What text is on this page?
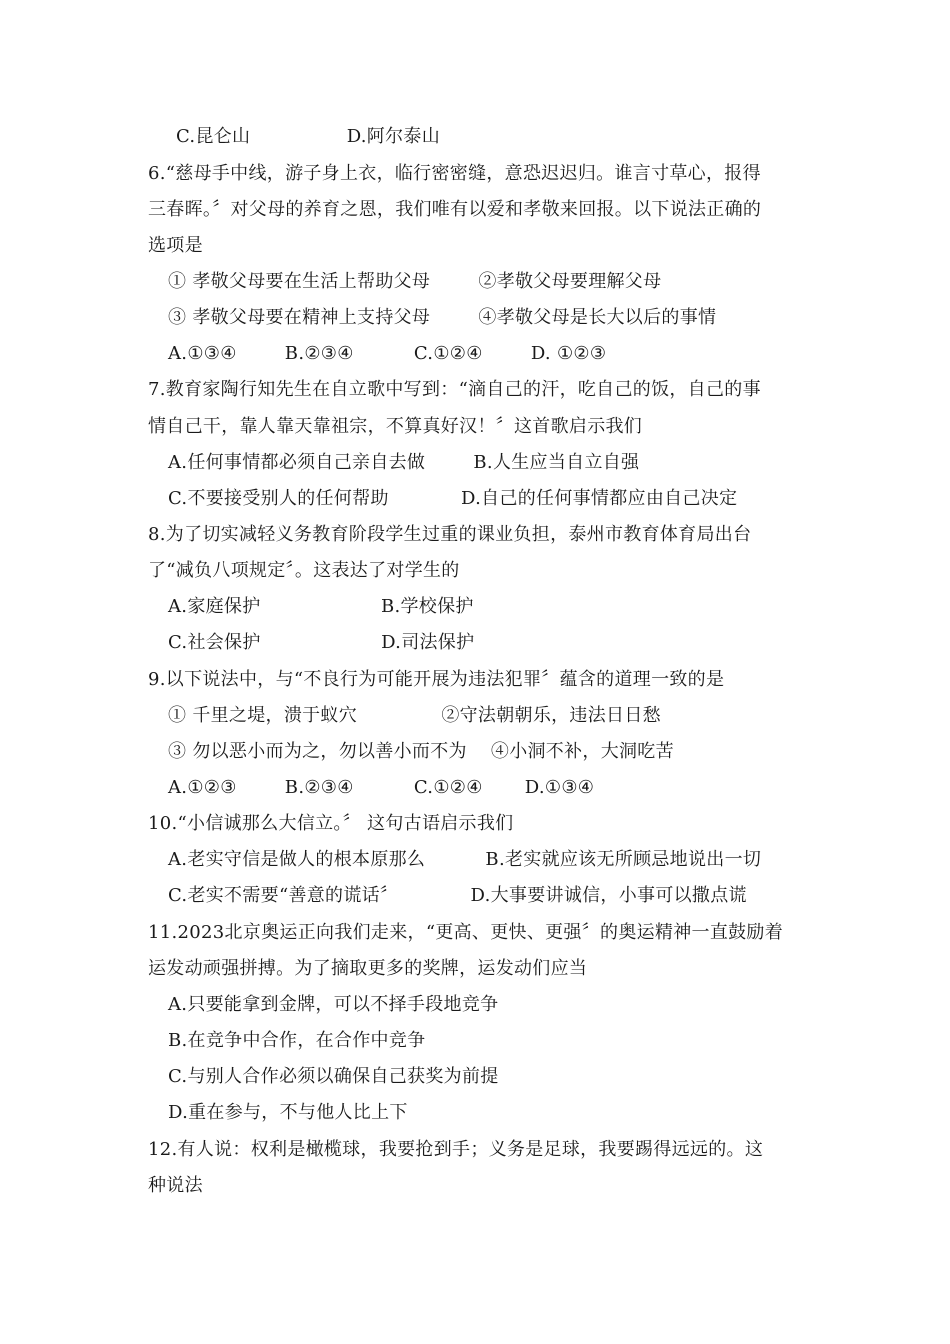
C.昆仑山                D.阿尔泰山
6.“慈母手中线，游子身上衣，临行密密缝，意恐迟迟归。谁言寸草心，报得
三春晖。〞对父母的养育之恩，我们唯有以爱和孝敬来回报。以下说法正确的
选项是
① 孝敬父母要在生活上帮助父母        ②孝敬父母要理解父母
③ 孝敬父母要在精神上支持父母        ④孝敬父母是长大以后的事情
A.①③④        B.②③④          C.①②④        D. ①②③
7.教育家陶行知先生在自立歌中写到：“滴自己的汗，吃自己的饭，自己的事
情自己干，靠人靠天靠祖宗，不算真好汉！〞这首歌启示我们
A.任何事情都必须自己亲自去做        B.人生应当自立自强
C.不要接受别人的任何帮助            D.自己的任何事情都应由自己决定
8.为了切实减轻义务教育阶段学生过重的课业负担，泰州市教育体育局出台
了“减负八项规定〞。这表达了对学生的
A.家庭保护                    B.学校保护
C.社会保护                    D.司法保护
9.以下说法中，与“不良行为可能开展为违法犯罪〞蕴含的道理一致的是
① 千里之堤，溃于蚁穴              ②守法朝朝乐，违法日日愁
③ 勿以恶小而为之，勿以善小而不为    ④小洞不补，大洞吃苦
A.①②③        B.②③④          C.①②④       D.①③④
10.“小信诚那么大信立。〞 这句古语启示我们
A.老实守信是做人的根本原那么          B.老实就应该无所顾忌地说出一切
C.老实不需要“善意的谎话〞            D.大事要讲诚信，小事可以撒点谎
11.2023北京奥运正向我们走来，“更高、更快、更强〞的奥运精神一直鼓励着
运发动顽强拼搏。为了摘取更多的奖牌，运发动们应当
A.只要能拿到金牌，可以不择手段地竞争
B.在竞争中合作，在合作中竞争
C.与别人合作必须以确保自己获奖为前提
D.重在参与，不与他人比上下
12.有人说：权利是橄榄球，我要抢到手；义务是足球，我要踢得远远的。这
种说法
